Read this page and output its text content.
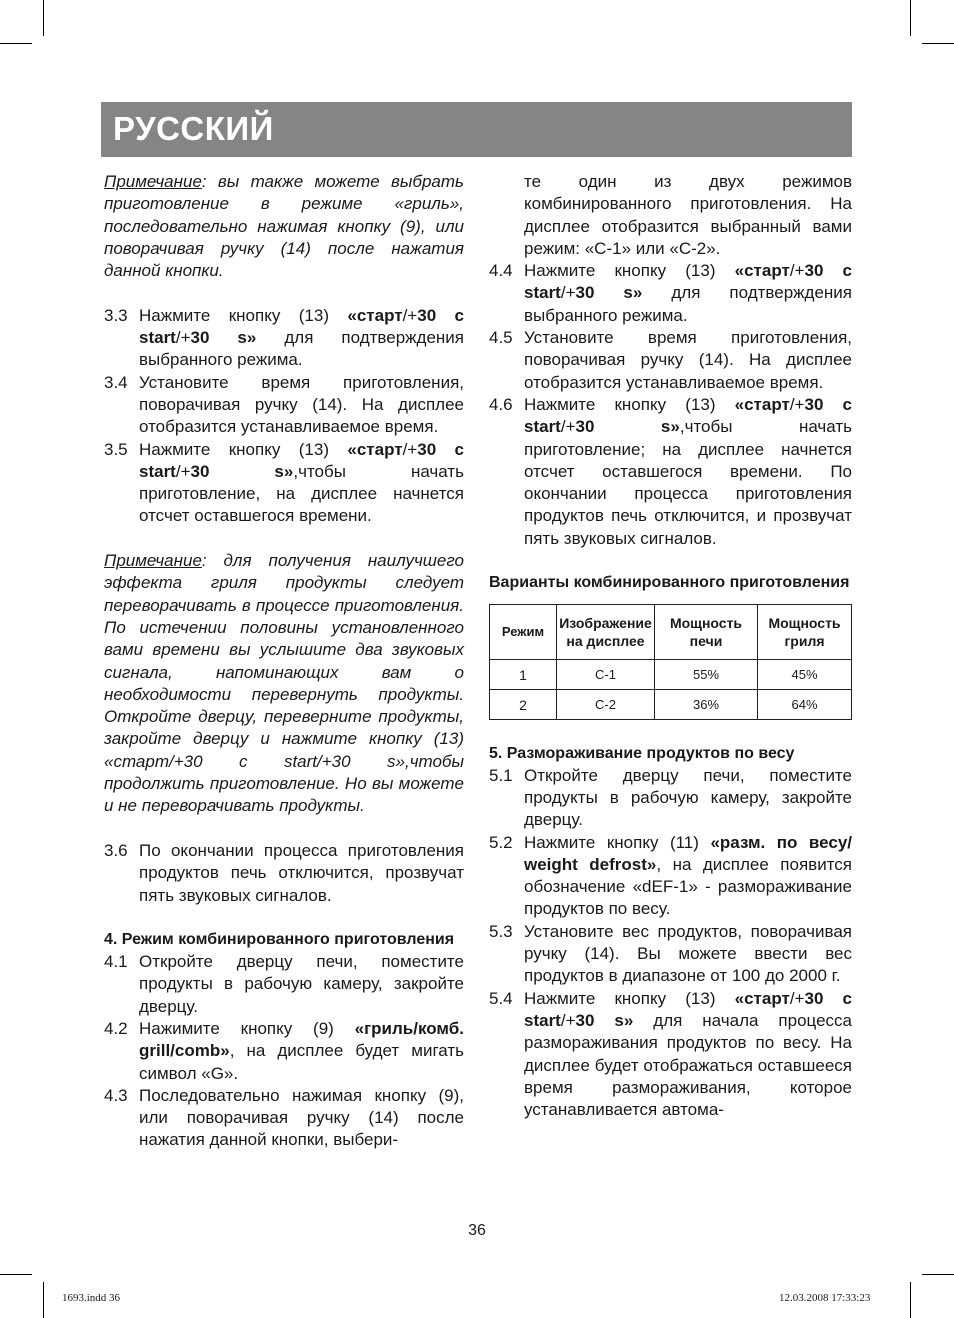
РУССКИЙ

Примечание: вы также можете выбрать приготовление в режиме «гриль», последовательно нажимая кнопку (9), или поворачивая ручку (14) после нажатия данной кнопки.

3.3 Нажмите кнопку (13) «старт/+30 c start/+30 s» для подтверждения выбранного режима.
3.4 Установите время приготовления, поворачивая ручку (14). На дисплее отобразится устанавливаемое время.
3.5 Нажмите кнопку (13) «старт/+30 c start/+30 s»,чтобы начать приготовление, на дисплее начнется отсчет оставшегося времени.

Примечание: для получения наилучшего эффекта гриля продукты следует переворачивать в процессе приготовления. По истечении половины установленного вами времени вы услышите два звуковых сигнала, напоминающих вам о необходимости перевернуть продукты. Откройте дверцу, переверните продукты, закройте дверцу и нажмите кнопку (13) «старт/+30 c start/+30 s»,чтобы продолжить приготовление. Но вы можете и не переворачивать продукты.

3.6 По окончании процесса приготовления продуктов печь отключится, прозвучат пять звуковых сигналов.
4. Режим комбинированного приготовления
4.1 Откройте дверцу печи, поместите продукты в рабочую камеру, закройте дверцу.
4.2 Нажимите кнопку (9) «гриль/комб. grill/comb», на дисплее будет мигать символ «G».
4.3 Последовательно нажимая кнопку (9), или поворачивая ручку (14) после нажатия данной кнопки, выбери-

те один из двух режимов комбинированного приготовления. На дисплее отобразится выбранный вами режим: «C-1» или «C-2».

4.4 Нажмите кнопку (13) «старт/+30 c start/+30 s» для подтверждения выбранного режима.
4.5 Установите время приготовления, поворачивая ручку (14). На дисплее отобразится устанавливаемое время.
4.6 Нажмите кнопку (13) «старт/+30 c start/+30 s»,чтобы начать приготовление; на дисплее начнется отсчет оставшегося времени. По окончании процесса приготовления продуктов печь отключится, и прозвучат пять звуковых сигналов.
Варианты комбинированного приготовления
Режим	Изображение на дисплее	Мощность печи	Мощность гриля
1	C-1	55%	45%
2	C-2	36%	64%
5. Размораживание продуктов по весу
5.1 Откройте дверцу печи, поместите продукты в рабочую камеру, закройте дверцу.
5.2 Нажмите кнопку (11) «разм. по весу/ weight defrost», на дисплее появится обозначение «dEF-1» - размораживание продуктов по весу.
5.3 Установите вес продуктов, поворачивая ручку (14). Вы можете ввести вес продуктов в диапазоне от 100 до 2000 г.
5.4 Нажмите кнопку (13) «старт/+30 c start/+30 s» для начала процесса размораживания продуктов по весу. На дисплее будет отображаться оставшееся время размораживания, которое устанавливается автома-
36
1693.indd 36	12.03.2008 17:33:23
